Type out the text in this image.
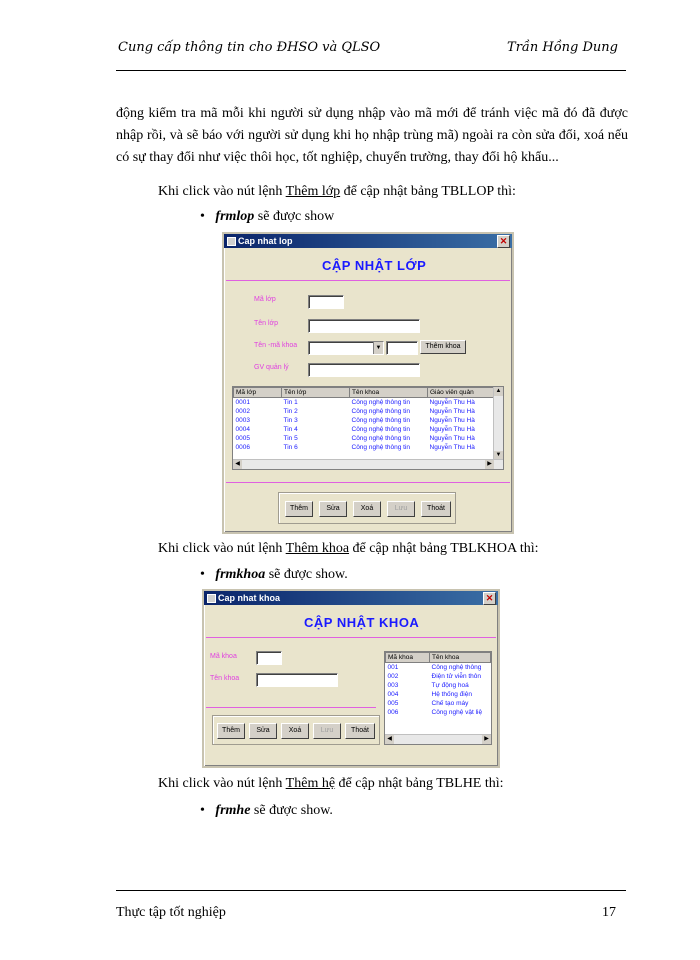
Cung cấp thông tin cho ĐHSO và QLSO	Trần Hồng Dung
động kiểm tra mã mỗi khi người sử dụng nhập vào mã mới để tránh việc mã đó đã được nhập rồi, và sẽ báo với người sử dụng khi họ nhập trùng mã) ngoài ra còn sửa đổi, xoá nếu có sự thay đổi như việc thôi học, tốt nghiệp, chuyển trường, thay đổi hộ khẩu...
Khi click vào nút lệnh Thêm lớp để cập nhật bảng TBLLOP thì:
•   frmlop sẽ được show
Cap nhat lop	✕
CẬP NHẬT LỚP
Mã lớp
Tên lớp
Tên -mã khoa	▼	Thêm khoa
GV quản lý
Mã lớp	Tên lớp	Tên khoa	Giáo viên quản
0001	Tin 1	Công nghệ thông tin	Nguyễn Thu Hà
0002	Tin 2	Công nghệ thông tin	Nguyễn Thu Hà
0003	Tin 3	Công nghệ thông tin	Nguyễn Thu Hà
0004	Tin 4	Công nghệ thông tin	Nguyễn Thu Hà
0005	Tin 5	Công nghệ thông tin	Nguyễn Thu Hà
0006	Tin 6	Công nghệ thông tin	Nguyễn Thu Hà
▲
▼
◀	▶
Thêm	Sửa	Xoá	Lưu	Thoát
Khi click vào nút lệnh Thêm khoa để cập nhật bảng TBLKHOA thì:
•   frmkhoa sẽ được show.
Cap nhat khoa	✕
CẬP NHẬT KHOA
Mã khoa
Tên khoa
Mã khoa	Tên khoa
001	Công nghệ thông
002	Điện tử viễn thôn
003	Tự động hoá
004	Hệ thống điện
005	Chế tạo máy
006	Công nghệ vật liệ
◀	▶
Thêm	Sửa	Xoá	Lưu	Thoát
Khi click vào nút lệnh Thêm hệ để cập nhật bảng TBLHE thì:
•   frmhe sẽ được show.
Thực tập tốt nghiệp	17
